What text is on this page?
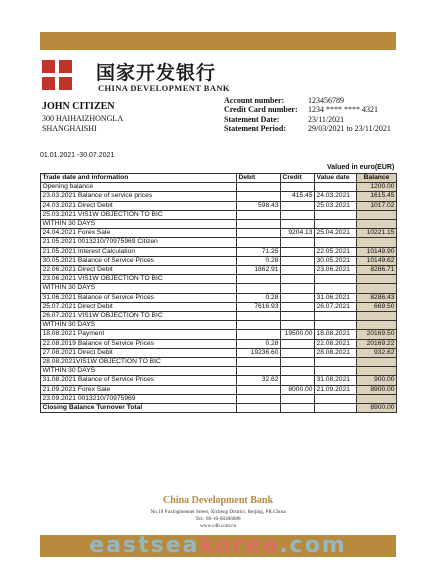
国家开发银行
CHINA DEVELOPMENT BANK
JOHN CITIZEN
300 HAIHAIZHONGLA
SHANGHAISHI
Account number:	123456789
Credit Card number: 1234 **** **** 4321
Statement Date:	23/11/2021
Statement Period:	29/03/2021 to 23/11/2021
01.01.2021 -30.07.2021
Valued in euro(EUR)
Trade date and information	Debit	Credit	Value date	Balance
Opening balance				1200.00
23.03.2021 Balance of service prices		415.45	24.03.2021	1615.45
24.03.2021 Direct Debit	598.43		25.03.2021	1017.02
25.03.2021 VIS1W OBJECTION TO BIC				
WITHIN 30 DAYS				
24.04.2021 Forex Sale		9204.13	25.04.2021	10221.15
21.05.2021 0013210/70975969 Citizen				
21.05.2021 Interest Calculation	71.25		22.05.2021	10149.90
30.05.2021 Balance of Service Prices	0.28		30.05.2021	10149.62
22.06.2021 Direct Debit	1862.91		23.06.2021	8286.71
23.06.2021 VIS1W OBJECTION TO BIC				
WITHIN 30 DAYS				
31.06.2021 Balance of Service Prices	0.28		31.06.2021	8286.43
25.07.2021 Direct Debit	7616.93		26.07.2021	669.50
26.07.2021 VIS1W OBJECTION TO BIC				
WITHIN 30 DAYS				
18.08.2021 Payment		19500.00	18.08.2021	20169.50
22.08.2019 Balance of Service Prices	0.28		22.08.2021	20169.22
27.08.2021 Direct Debit	19236.60		28.08.2021	932.62
28.08.2021VIS1W OBJECTION TO BIC				
WITHIN 30 DAYS				
31.08.2021 Balance of Service Prices	32.62		31.08.2021	900.00
21.09.2021 Forex Sale		8000.00	21.09.2021	8900.00
23.09.2021 0013210/70975969				
Closing Balance Turnover Total				8900.00
China Development Bank
No.18 Fuxingmennei Street, Xicheng District, Beijing, PR.China
Tel.: 86-10-68306688
www.cdb.com.cn
eastseakorea.com
